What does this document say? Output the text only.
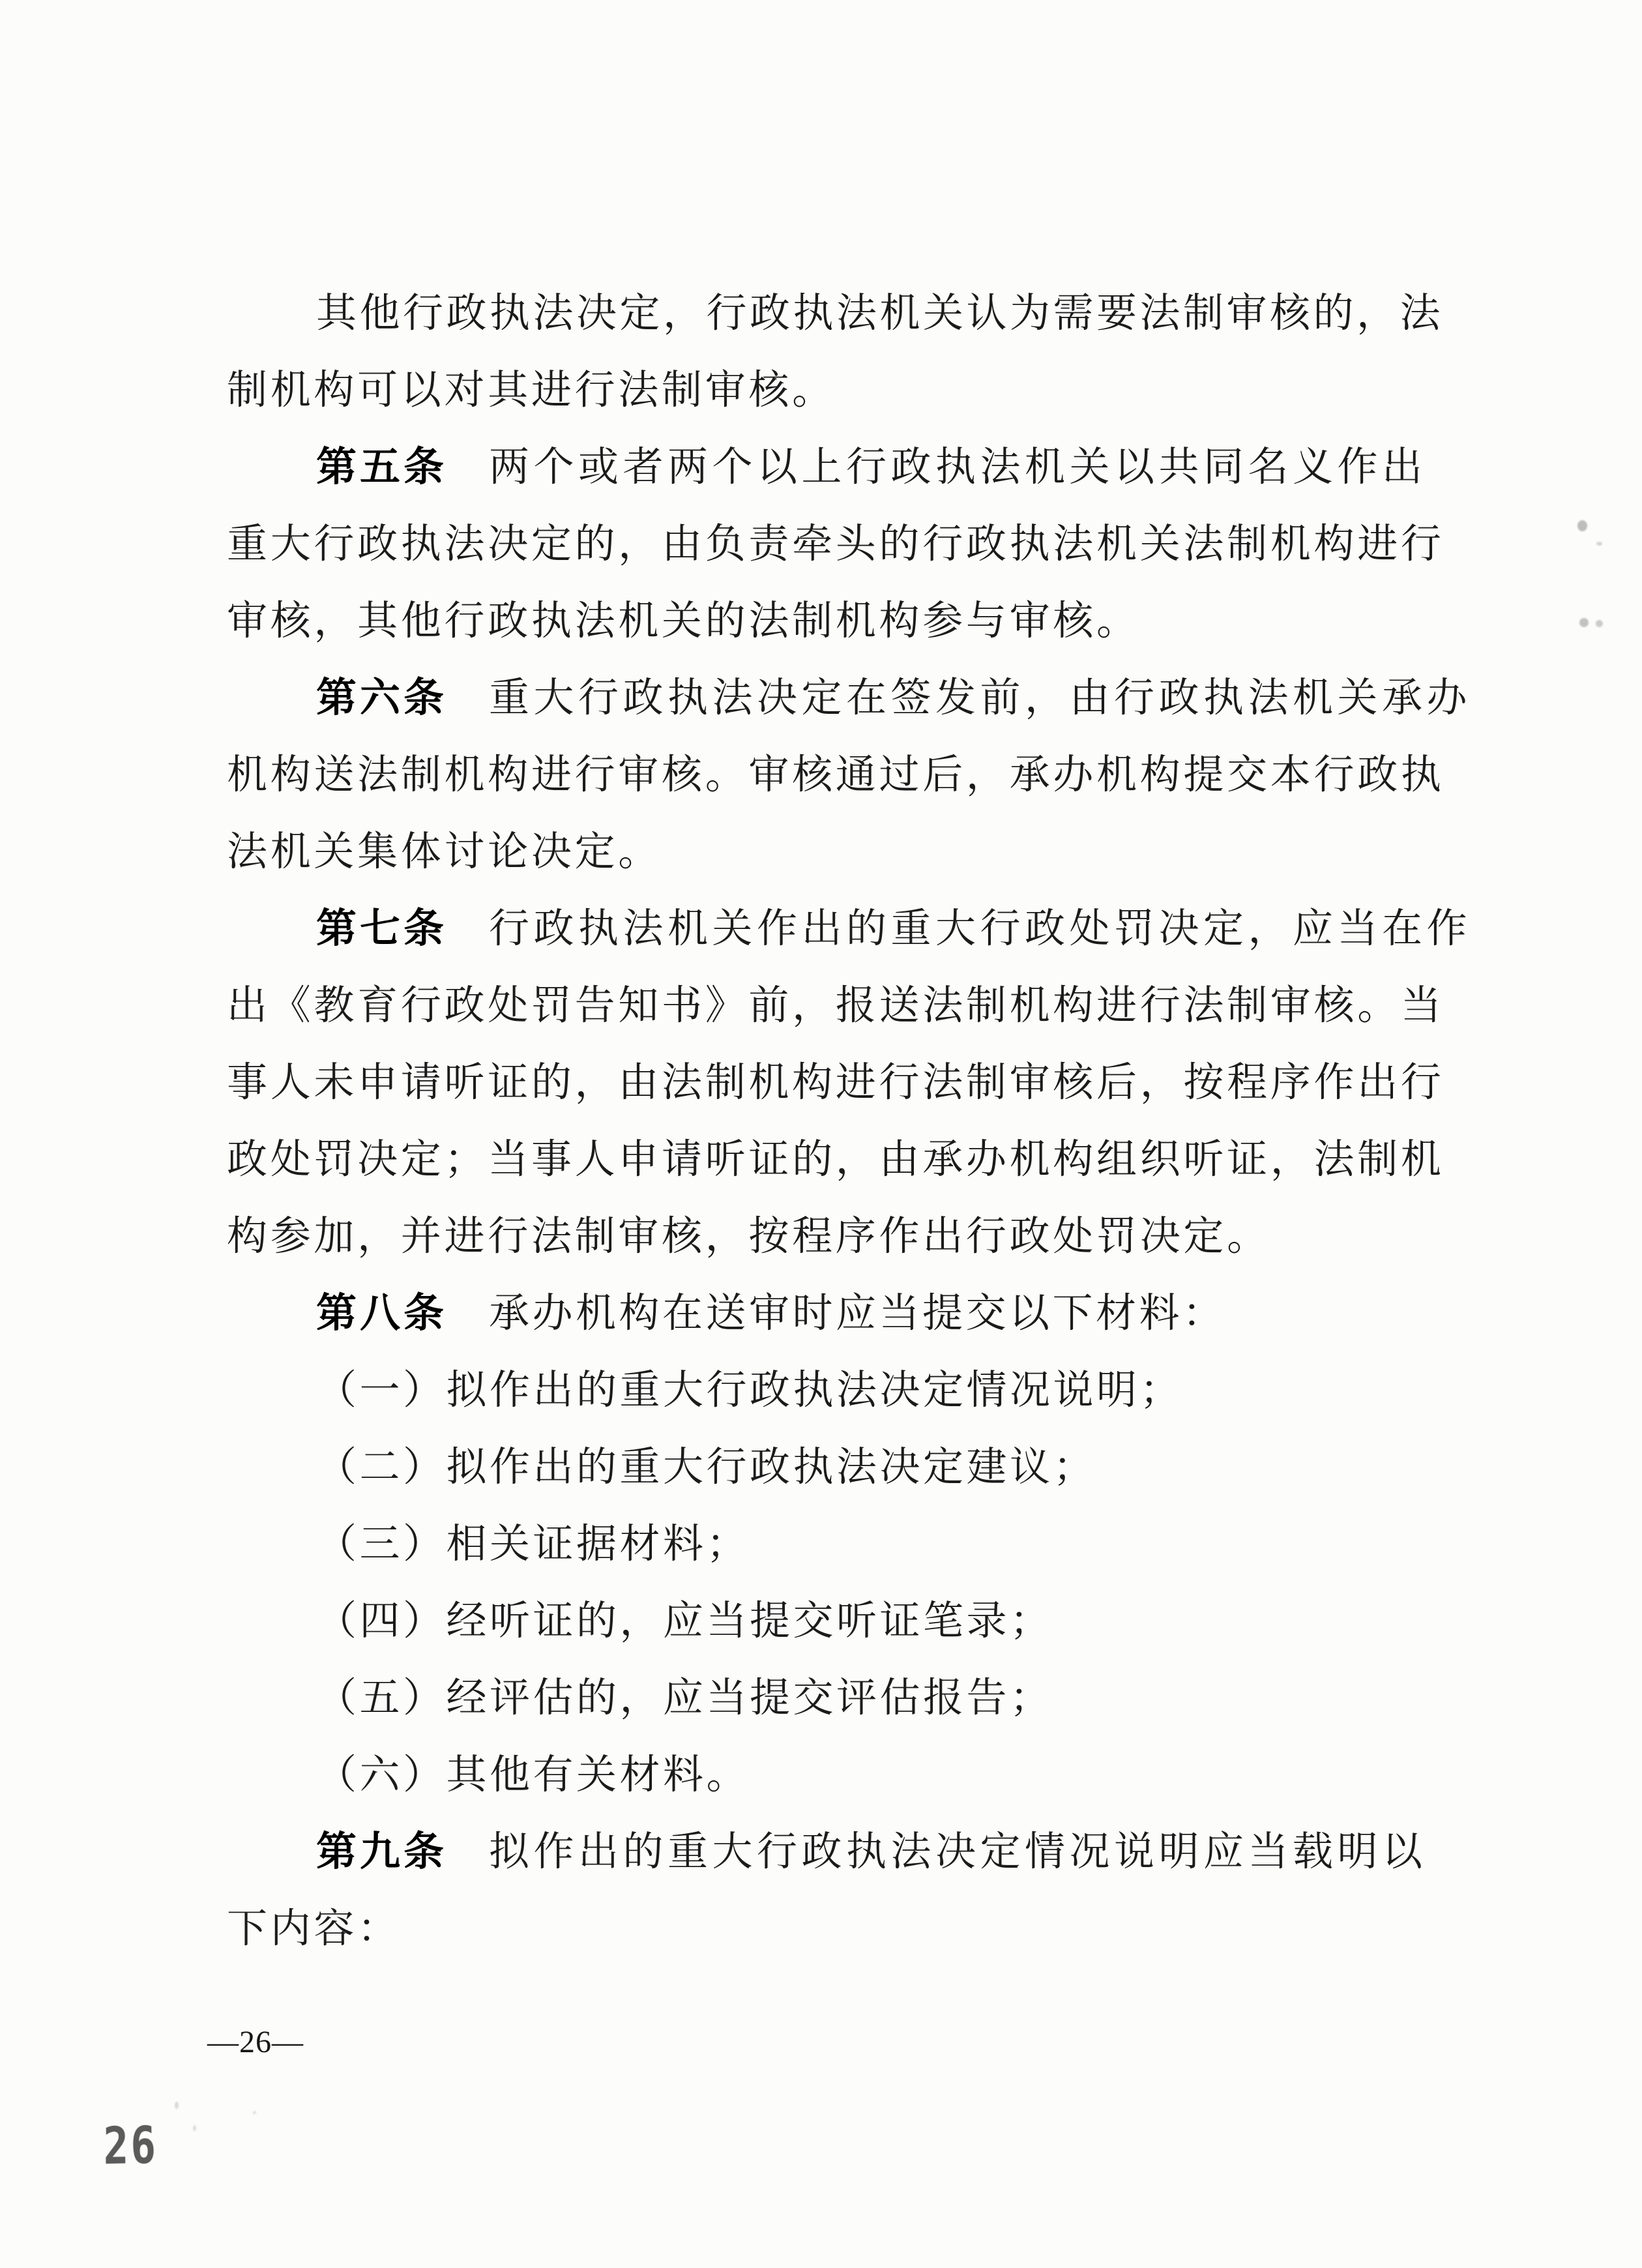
其他行政执法决定，行政执法机关认为需要法制审核的，法
制机构可以对其进行法制审核。
第五条 两个或者两个以上行政执法机关以共同名义作出
重大行政执法决定的，由负责牵头的行政执法机关法制机构进行
审核，其他行政执法机关的法制机构参与审核。
第六条 重大行政执法决定在签发前，由行政执法机关承办
机构送法制机构进行审核。审核通过后，承办机构提交本行政执
法机关集体讨论决定。
第七条 行政执法机关作出的重大行政处罚决定，应当在作
出《教育行政处罚告知书》前，报送法制机构进行法制审核。当
事人未申请听证的，由法制机构进行法制审核后，按程序作出行
政处罚决定；当事人申请听证的，由承办机构组织听证，法制机
构参加，并进行法制审核，按程序作出行政处罚决定。
第八条 承办机构在送审时应当提交以下材料：
（一）拟作出的重大行政执法决定情况说明；
（二）拟作出的重大行政执法决定建议；
（三）相关证据材料；
（四）经听证的，应当提交听证笔录；
（五）经评估的，应当提交评估报告；
（六）其他有关材料。
第九条 拟作出的重大行政执法决定情况说明应当载明以
下内容：
—26—
26
